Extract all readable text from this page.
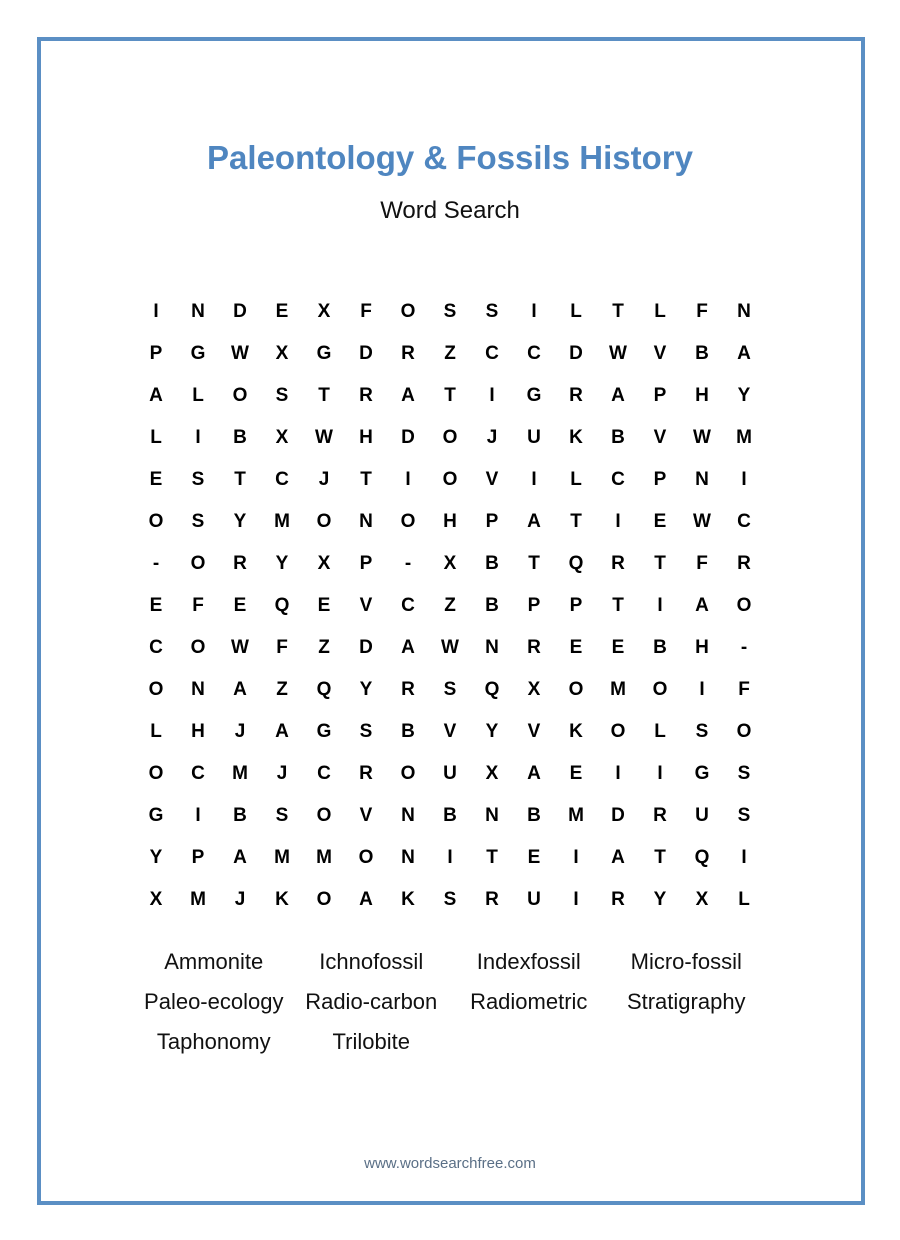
Paleontology & Fossils History
Word Search
I	N	D	E	X	F	O	S	S	I	L	T	L	F	N
P	G	W	X	G	D	R	Z	C	C	D	W	V	B	A
A	L	O	S	T	R	A	T	I	G	R	A	P	H	Y
L	I	B	X	W	H	D	O	J	U	K	B	V	W	M
E	S	T	C	J	T	I	O	V	I	L	C	P	N	I
O	S	Y	M	O	N	O	H	P	A	T	I	E	W	C
-	O	R	Y	X	P	-	X	B	T	Q	R	T	F	R
E	F	E	Q	E	V	C	Z	B	P	P	T	I	A	O
C	O	W	F	Z	D	A	W	N	R	E	E	B	H	-
O	N	A	Z	Q	Y	R	S	Q	X	O	M	O	I	F
L	H	J	A	G	S	B	V	Y	V	K	O	L	S	O
O	C	M	J	C	R	O	U	X	A	E	I	I	G	S
G	I	B	S	O	V	N	B	N	B	M	D	R	U	S
Y	P	A	M	M	O	N	I	T	E	I	A	T	Q	I
X	M	J	K	O	A	K	S	R	U	I	R	Y	X	L
Ammonite	Ichnofossil	Indexfossil	Micro-fossil
Paleo-ecology Radio-carbon	Radiometric	Stratigraphy
Taphonomy	Trilobite
www.wordsearchfree.com
